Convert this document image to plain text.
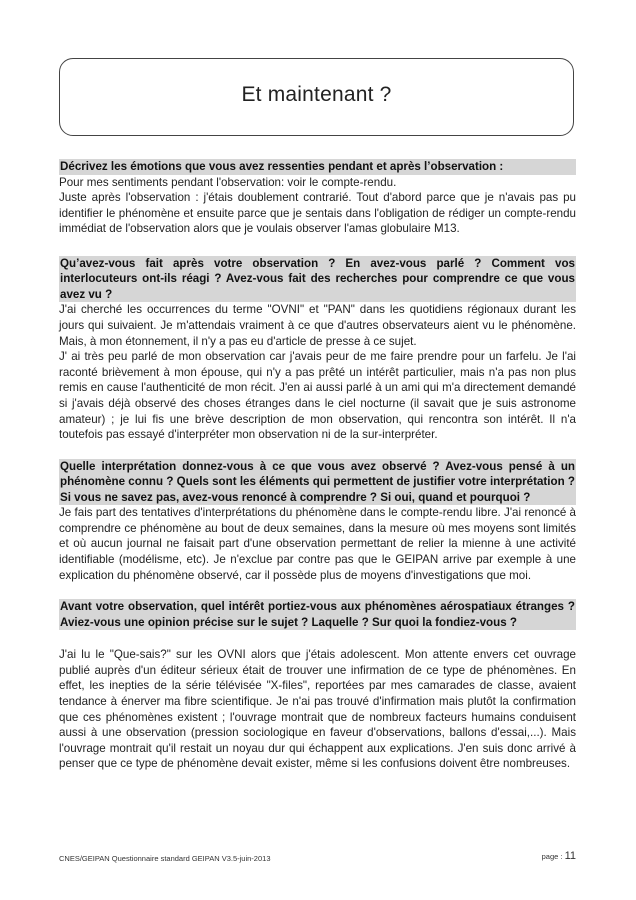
Et maintenant ?
Décrivez les émotions que vous avez ressenties pendant et après l’observation :

Pour mes sentiments pendant l'observation: voir le compte-rendu.

Juste après l'observation : j'étais doublement contrarié. Tout d'abord parce que je n'avais pas pu identifier le phénomène et ensuite parce que je sentais dans l'obligation de rédiger un compte-rendu immédiat de l'observation alors que je voulais observer l'amas globulaire M13.

Qu’avez-vous fait après votre observation ? En avez-vous parlé ? Comment vos interlocuteurs ont-ils réagi ? Avez-vous fait des recherches pour comprendre ce que vous avez vu ?

J'ai cherché les occurrences du terme "OVNI" et "PAN" dans les quotidiens régionaux durant les jours qui suivaient. Je m'attendais vraiment à ce que d'autres observateurs aient vu le phénomène. Mais, à mon étonnement, il n'y a pas eu d'article de presse à ce sujet.

J' ai très peu parlé de mon observation car j'avais peur de me faire prendre pour un farfelu. Je l'ai raconté brièvement à mon épouse, qui n'y a pas prêté un intérêt particulier, mais n'a pas non plus remis en cause l'authenticité de mon récit. J'en ai aussi parlé à un ami qui m'a directement demandé si j'avais déjà observé des choses étranges dans le ciel nocturne (il savait que je suis astronome amateur) ; je lui fis une brève description de mon observation, qui rencontra son intérêt. Il n'a toutefois pas essayé d'interpréter mon observation ni de la sur-interpréter.

Quelle interprétation donnez-vous à ce que vous avez observé ? Avez-vous pensé à un phénomène connu ? Quels sont les éléments qui permettent de justifier votre interprétation ? Si vous ne savez pas, avez-vous renoncé à comprendre ? Si oui, quand et pourquoi ?

Je fais part des tentatives d'interprétations du phénomène dans le compte-rendu libre. J'ai renoncé à comprendre ce phénomène au bout de deux semaines, dans la mesure où mes moyens sont limités et où aucun journal ne faisait part d'une observation permettant de relier la mienne à une activité identifiable (modélisme, etc). Je n'exclue par contre pas que le GEIPAN arrive par exemple à une explication du phénomène observé, car il possède plus de moyens d'investigations que moi.

Avant votre observation, quel intérêt portiez-vous aux phénomènes aérospatiaux étranges ? Aviez-vous une opinion précise sur le sujet ? Laquelle ? Sur quoi la fondiez-vous ?

J'ai lu le "Que-sais?" sur les OVNI alors que j'étais adolescent. Mon attente envers cet ouvrage publié auprès d'un éditeur sérieux était de trouver une infirmation de ce type de phénomènes. En effet, les inepties de la série télévisée "X-files", reportées par mes camarades de classe, avaient tendance à énerver ma fibre scientifique. Je n'ai pas trouvé d'infirmation mais plutôt la confirmation que ces phénomènes existent ; l'ouvrage montrait que de nombreux facteurs humains conduisent aussi à une observation (pression sociologique en faveur d'observations, ballons d'essai,...). Mais l'ouvrage montrait qu'il restait un noyau dur qui échappent aux explications. J'en suis donc arrivé à penser que ce type de phénomène devait exister, même si les confusions doivent être nombreuses.

CNES/GEIPAN Questionnaire standard GEIPAN V3.5-juin-2013	page : 11
